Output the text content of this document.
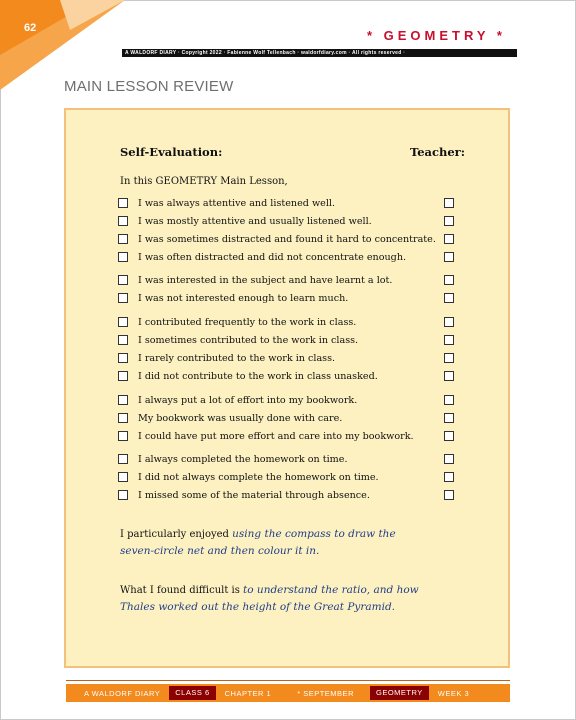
62	* GEOMETRY *
A WALDORF DIARY · Copyright 2022 · Fabienne Wolf Tellenbach · waldorfdiary.com · All rights reserved ·
MAIN LESSON REVIEW
Self-Evaluation:	Teacher:
In this GEOMETRY Main Lesson,
I was always attentive and listened well.
I was mostly attentive and usually listened well.
I was sometimes distracted and found it hard to concentrate.
I was often distracted and did not concentrate enough.
I was interested in the subject and have learnt a lot.
I was not interested enough to learn much.
I contributed frequently to the work in class.
I sometimes contributed to the work in class.
I rarely contributed to the work in class.
I did not contribute to the work in class unasked.
I always put a lot of effort into my bookwork.
My bookwork was usually done with care.
I could have put more effort and care into my bookwork.
I always completed the homework on time.
I did not always complete the homework on time.
I missed some of the material through absence.
I particularly enjoyed using the compass to draw the
seven-circle net and then colour it in.
What I found difficult is to understand the ratio, and how
Thales worked out the height of the Great Pyramid.
A WALDORF DIARY	CLASS 6	CHAPTER 1	* SEPTEMBER	GEOMETRY	WEEK 3
